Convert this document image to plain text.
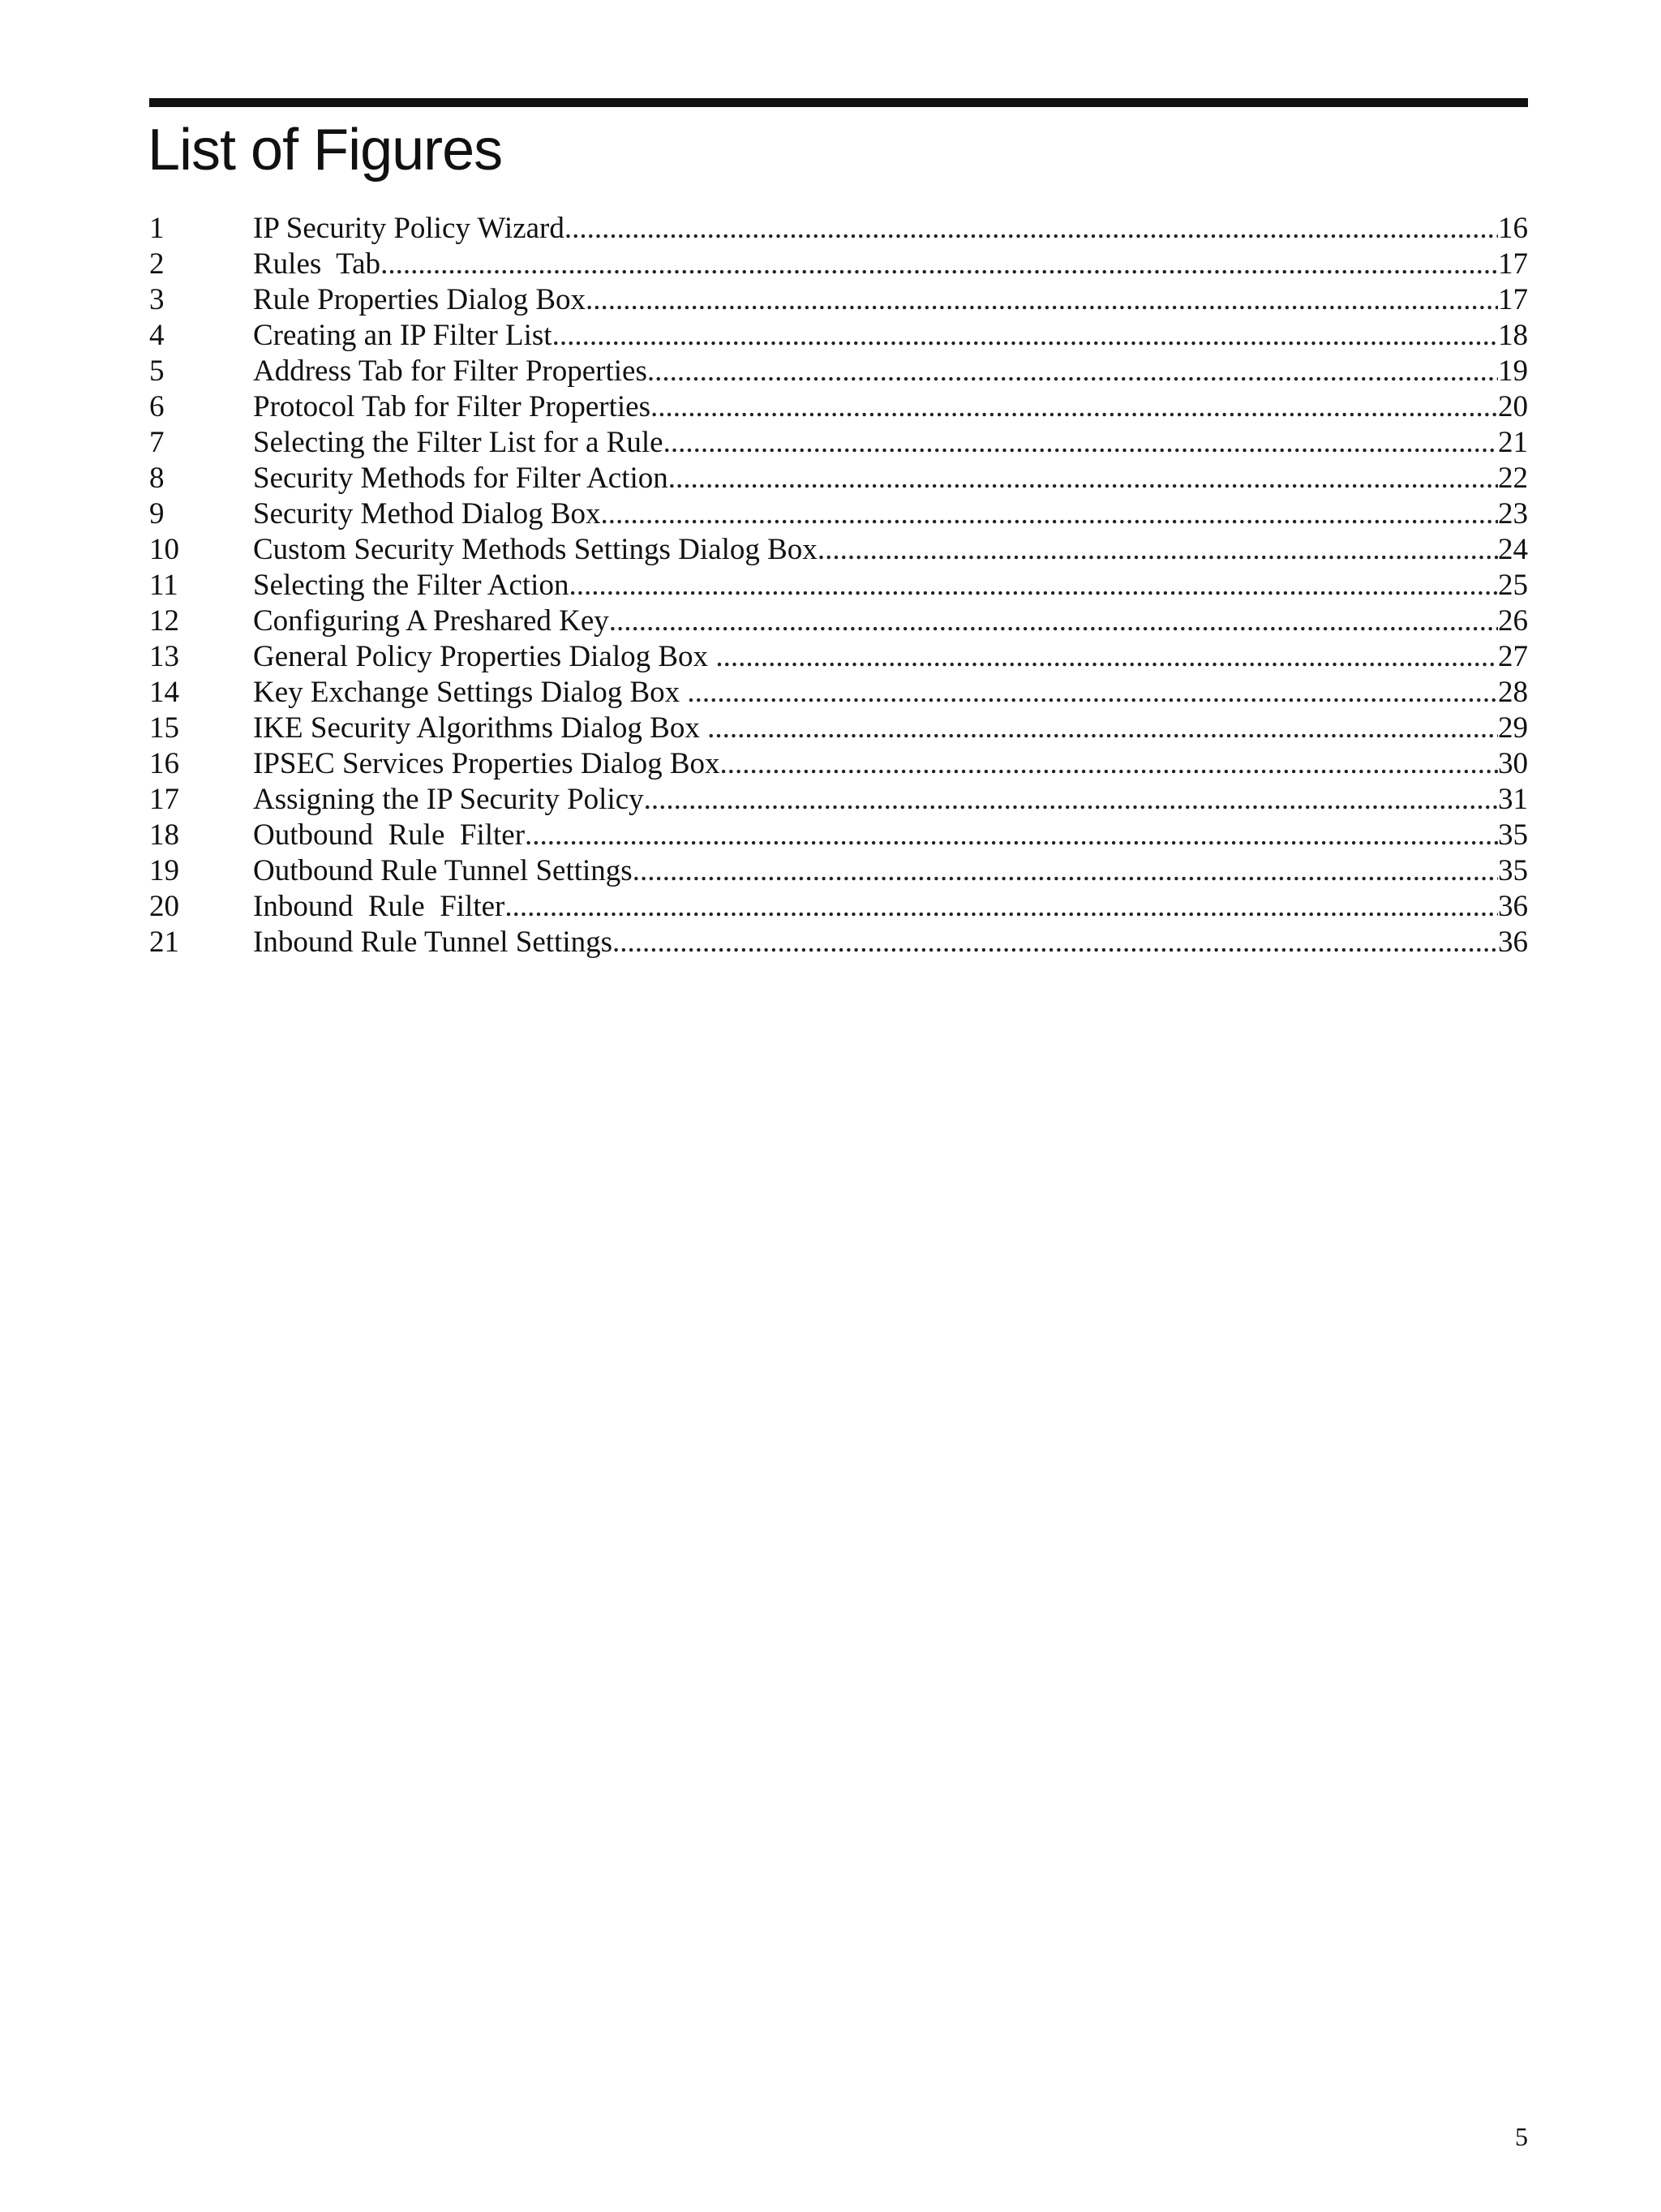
List of Figures
1	IP Security Policy Wizard .....	16
2	Rules  Tab .....	17
3	Rule Properties Dialog Box .....	17
4	Creating an IP Filter List .....	18
5	Address Tab for Filter Properties .....	19
6	Protocol Tab for Filter Properties .....	20
7	Selecting the Filter List for a Rule .....	21
8	Security Methods for Filter Action .....	22
9	Security Method Dialog Box .....	23
10	Custom Security Methods Settings Dialog Box .....	24
11	Selecting the Filter Action .....	25
12	Configuring A Preshared Key .....	26
13	General Policy Properties Dialog Box .....	27
14	Key Exchange Settings Dialog Box .....	28
15	IKE Security Algorithms Dialog Box .....	29
16	IPSEC Services Properties Dialog Box .....	30
17	Assigning the IP Security Policy .....	31
18	Outbound  Rule  Filter .....	35
19	Outbound Rule Tunnel Settings .....	35
20	Inbound  Rule  Filter .....	36
21	Inbound Rule Tunnel Settings .....	36
5
